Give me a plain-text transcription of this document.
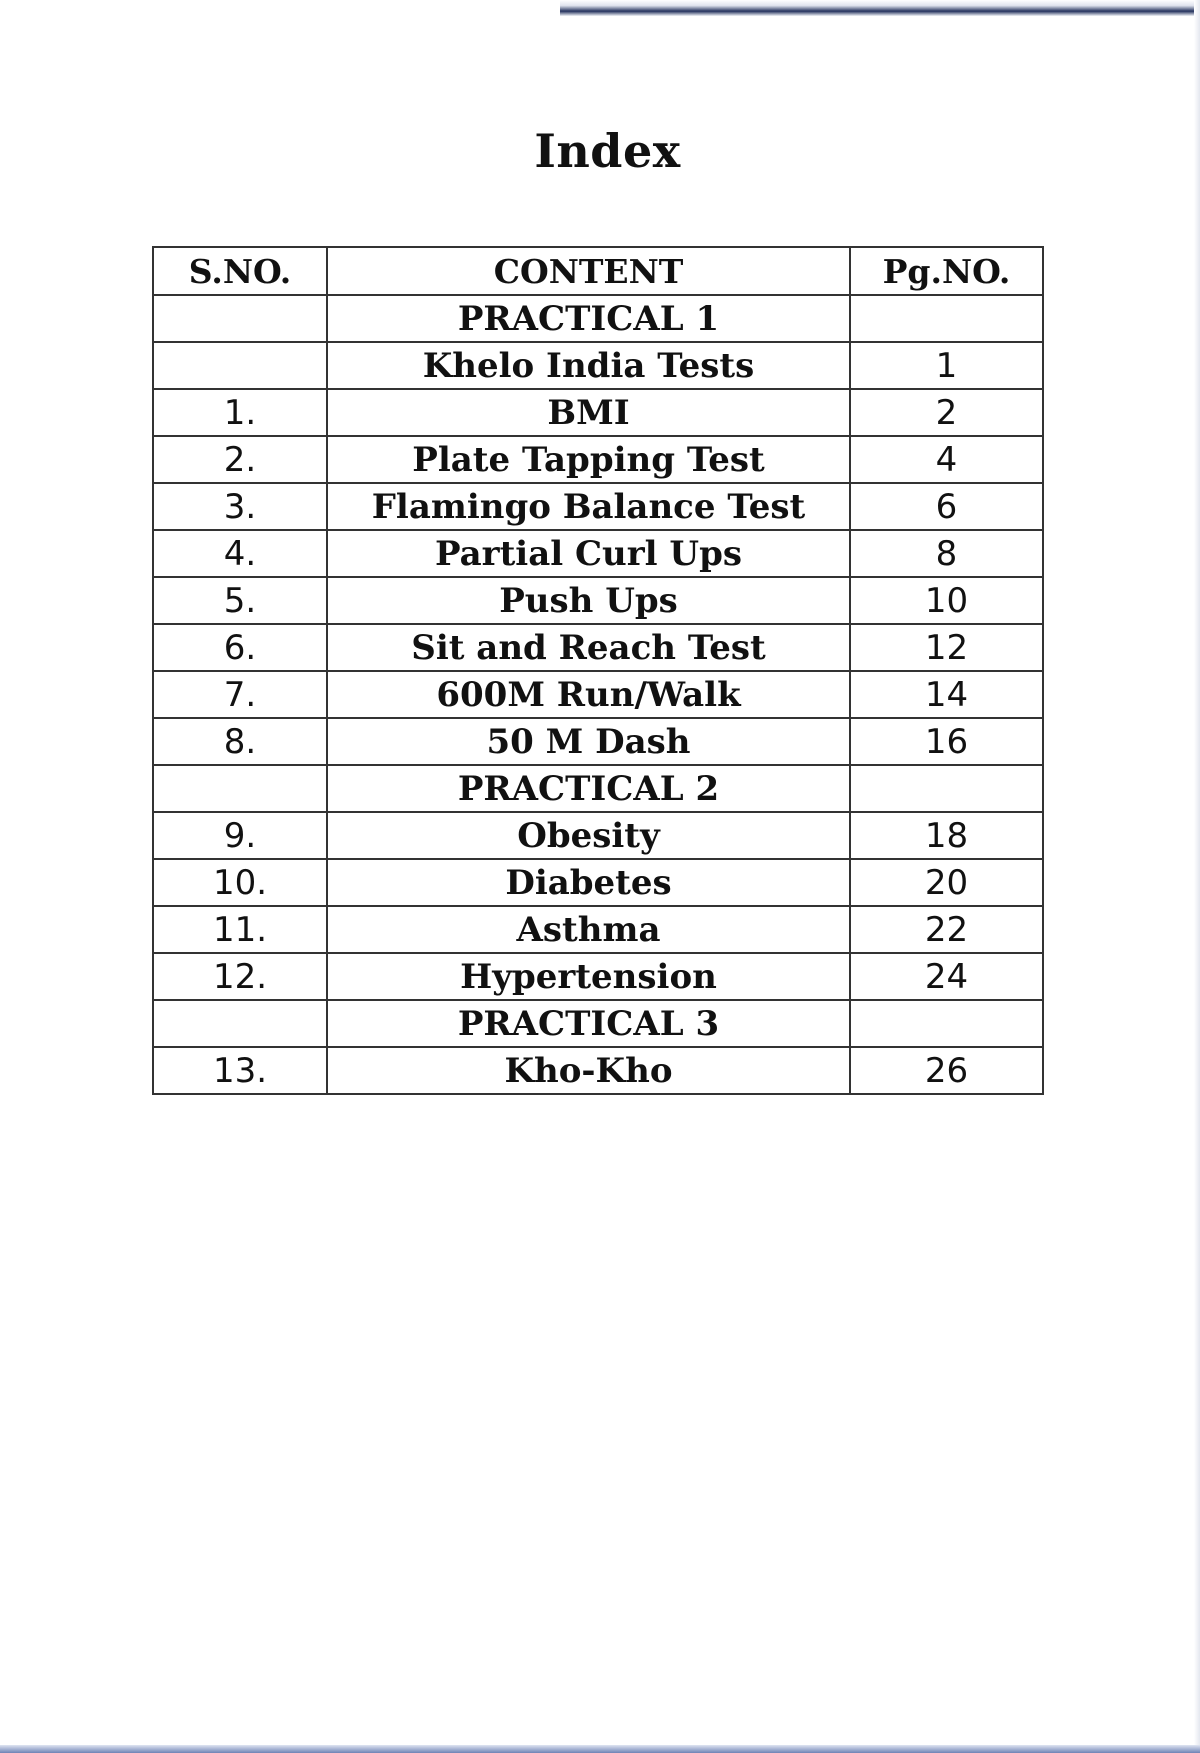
Index
S.NO.	CONTENT	Pg.NO.
	PRACTICAL 1	
	Khelo India Tests	1
1.	BMI	2
2.	Plate Tapping Test	4
3.	Flamingo Balance Test	6
4.	Partial Curl Ups	8
5.	Push Ups	10
6.	Sit and Reach Test	12
7.	600M Run/Walk	14
8.	50 M Dash	16
	PRACTICAL 2	
9.	Obesity	18
10.	Diabetes	20
11.	Asthma	22
12.	Hypertension	24
	PRACTICAL 3	
13.	Kho-Kho	26
